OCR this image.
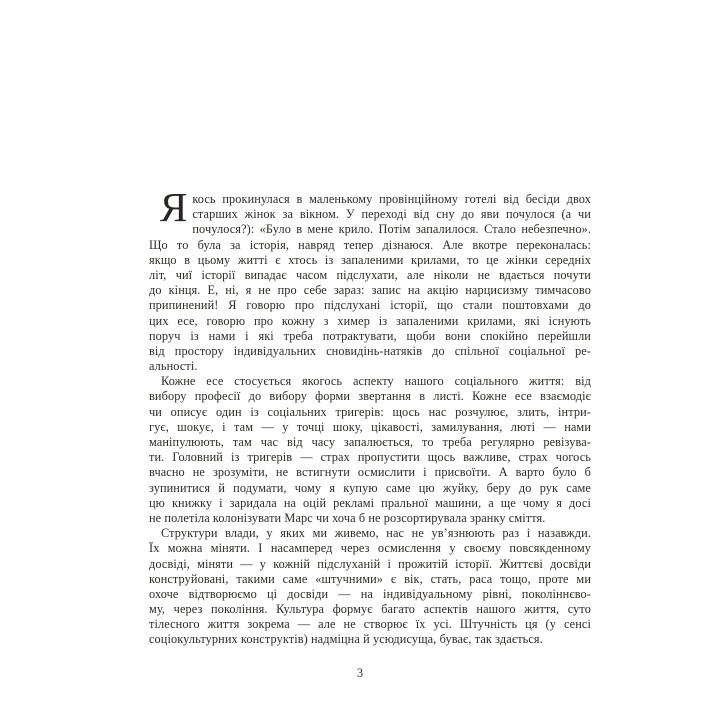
Я кось прокинулася в маленькому провінційному готелі від бесіди двох
старших жінок за вікном. У переході від сну до яви почулося (а чи
почулося?): «Було в мене крило. Потім запалилося. Стало небезпечно».
Що то була за історія, навряд тепер дізнаюся. Але вкотре переконалась:
якщо в цьому житті є хтось із запаленими крилами, то це жінки середніх
літ, чиї історії випадає часом підслухати, але ніколи не вдається почути
до кінця. Е, ні, я не про себе зараз: запис на акцію нарцисизму тимчасово
припинений! Я говорю про підслухані історії, що стали поштовхами до
цих есе, говорю про кожну з химер із запаленими крилами, які існують
поруч із нами і які треба потрактувати, щоби вони спокійно перейшли
від простору індивідуальних сновидінь-натяків до спільної соціальної ре-
альності.
Кожне есе стосується якогось аспекту нашого соціального життя: від
вибору професії до вибору форми звертання в листі. Кожне есе взаємодіє
чи описує один із соціальних тригерів: щось нас розчулює, злить, інтри-
гує, шокує, і там — у точці шоку, цікавості, замилування, люті — нами
маніпулюють, там час від часу запалюється, то треба регулярно ревізува-
ти. Головний із тригерів — страх пропустити щось важливе, страх чогось
вчасно не зрозуміти, не встигнути осмислити і присвоїти. А варто було б
зупинитися й подумати, чому я купую саме цю жуйку, беру до рук саме
цю книжку і заридала на оцій рекламі пральної машини, а ще чому я досі
не полетіла колонізувати Марс чи хоча б не розсортирувала зранку сміття.
Структури влади, у яких ми живемо, нас не ув’язнюють раз і назавжди.
Їх можна міняти. І насамперед через осмислення у своєму повсякденному
досвіді, міняти — у кожній підслуханій і прожитій історії. Життєві досвіди
конструйовані, такими саме «штучними» є вік, стать, раса тощо, проте ми
охоче відтворюємо ці досвіди — на індивідуальному рівні, поколіннєво-
му, через покоління. Культура формує багато аспектів нашого життя, суто
тілесного життя зокрема — але не створює їх усі. Штучність ця (у сенсі
соціокультурних конструктів) надміцна й усюдисуща, буває, так здається.
3
